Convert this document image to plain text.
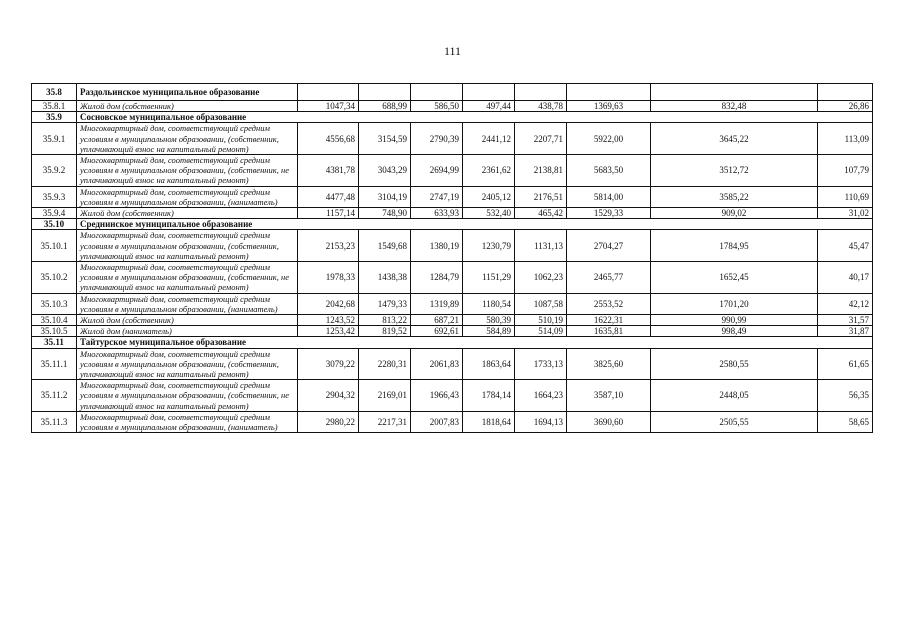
111
35.8	Раздольинское муниципальное образование								
35.8.1	Жилой дом (собственник)	1047,34	688,99	586,50	497,44	438,78	1369,63	832,48	26,86
35.9	Сосновское муниципальное образование								
35.9.1	Многоквартирный дом, соответствующий средним условиям в муниципальном образовании, (собственник, уплачивающий взнос на капитальный ремонт)	4556,68	3154,59	2790,39	2441,12	2207,71	5922,00	3645,22	113,09
35.9.2	Многоквартирный дом, соответствующий средним условиям в муниципальном образовании, (собственник, не уплачивающий взнос на капитальный ремонт)	4381,78	3043,29	2694,99	2361,62	2138,81	5683,50	3512,72	107,79
35.9.3	Многоквартирный дом, соответствующий средним условиям в муниципальном образовании, (наниматель)	4477,48	3104,19	2747,19	2405,12	2176,51	5814,00	3585,22	110,69
35.9.4	Жилой дом (собственник)	1157,14	748,90	633,93	532,40	465,42	1529,33	909,02	31,02
35.10	Среднинское муниципальное образование								
35.10.1	Многоквартирный дом, соответствующий средним условиям в муниципальном образовании, (собственник, уплачивающий взнос на капитальный ремонт)	2153,23	1549,68	1380,19	1230,79	1131,13	2704,27	1784,95	45,47
35.10.2	Многоквартирный дом, соответствующий средним условиям в муниципальном образовании, (собственник, не уплачивающий взнос на капитальный ремонт)	1978,33	1438,38	1284,79	1151,29	1062,23	2465,77	1652,45	40,17
35.10.3	Многоквартирный дом, соответствующий средним условиям в муниципальном образовании, (наниматель)	2042,68	1479,33	1319,89	1180,54	1087,58	2553,52	1701,20	42,12
35.10.4	Жилой дом (собственник)	1243,52	813,22	687,21	580,39	510,19	1622,31	990,99	31,57
35.10.5	Жилой дом (наниматель)	1253,42	819,52	692,61	584,89	514,09	1635,81	998,49	31,87
35.11	Тайтурское муниципальное образование								
35.11.1	Многоквартирный дом, соответствующий средним условиям в муниципальном образовании, (собственник, уплачивающий взнос на капитальный ремонт)	3079,22	2280,31	2061,83	1863,64	1733,13	3825,60	2580,55	61,65
35.11.2	Многоквартирный дом, соответствующий средним условиям в муниципальном образовании, (собственник, не уплачивающий взнос на капитальный ремонт)	2904,32	2169,01	1966,43	1784,14	1664,23	3587,10	2448,05	56,35
35.11.3	Многоквартирный дом, соответствующий средним условиям в муниципальном образовании, (наниматель)	2980,22	2217,31	2007,83	1818,64	1694,13	3690,60	2505,55	58,65
